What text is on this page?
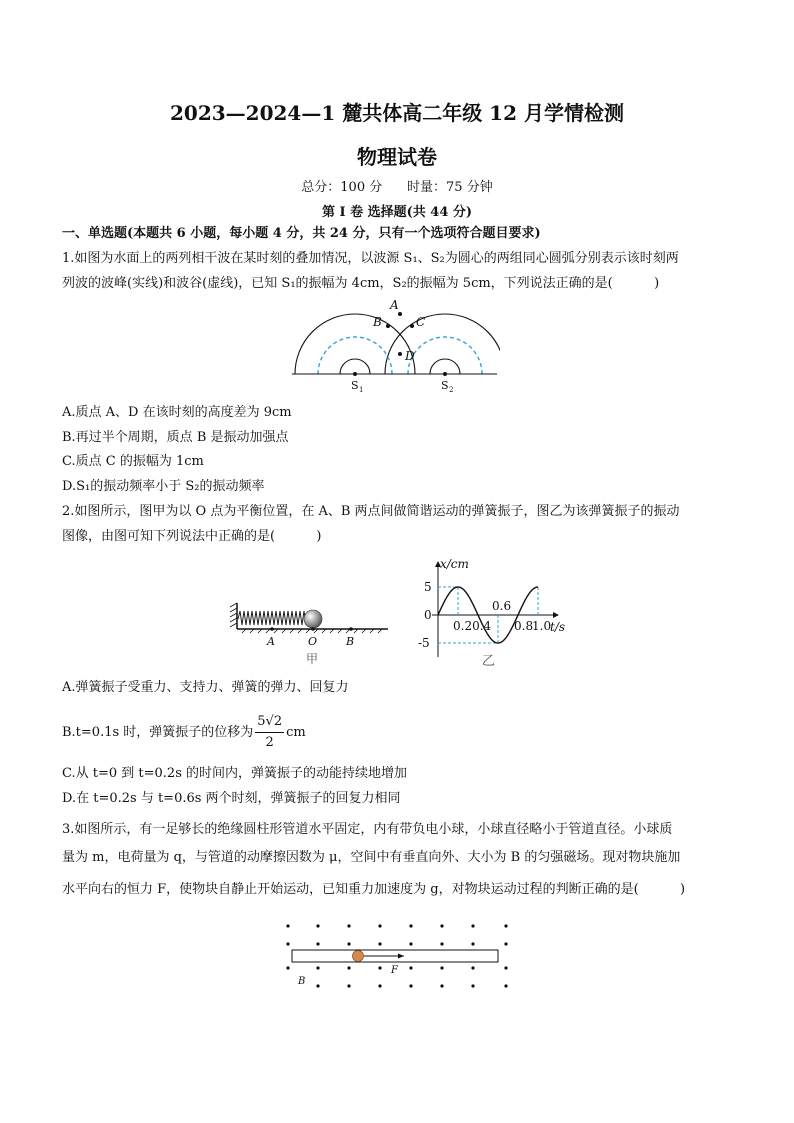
2023—2024—1 麓共体高二年级 12 月学情检测
物理试卷
总分：100 分      时量：75 分钟
第 I 卷 选择题(共 44 分)
一、单选题(本题共 6 小题，每小题 4 分，共 24 分，只有一个选项符合题目要求)
1.如图为水面上的两列相干波在某时刻的叠加情况，以波源 S₁、S₂为圆心的两组同心圆弧分别表示该时刻两
列波的波峰(实线)和波谷(虚线)，已知 S₁的振幅为 4cm，S₂的振幅为 5cm，下列说法正确的是(          )
A
B	C
D
S 1	S 2
A.质点 A、D 在该时刻的高度差为 9cm
B.再过半个周期，质点 B 是振动加强点
C.质点 C 的振幅为 1cm
D.S₁的振动频率小于 S₂的振动频率
2.如图所示，图甲为以 O 点为平衡位置，在 A、B 两点间做简谐运动的弹簧振子，图乙为该弹簧振子的振动
图像，由图可知下列说法中正确的是(          )
A	O	B
甲
5
0
-5
0.20.4
0.6
0.8
1.0
x/cm
t/s
乙
A.弹簧振子受重力、支持力、弹簧的弹力、回复力
B.t=0.1s 时，弹簧振子的位移为 $\frac{5√2}{2}$ cm
C.从 t=0 到 t=0.2s 的时间内，弹簧振子的动能持续地增加
D.在 t=0.2s 与 t=0.6s 两个时刻，弹簧振子的回复力相同
3.如图所示，有一足够长的绝缘圆柱形管道水平固定，内有带负电小球，小球直径略小于管道直径。小球质
量为 m，电荷量为 q，与管道的动摩擦因数为 μ，空间中有垂直向外、大小为 B 的匀强磁场。现对物块施加
水平向右的恒力 F，使物块自静止开始运动，已知重力加速度为 g，对物块运动过程的判断正确的是(          )
F
B
